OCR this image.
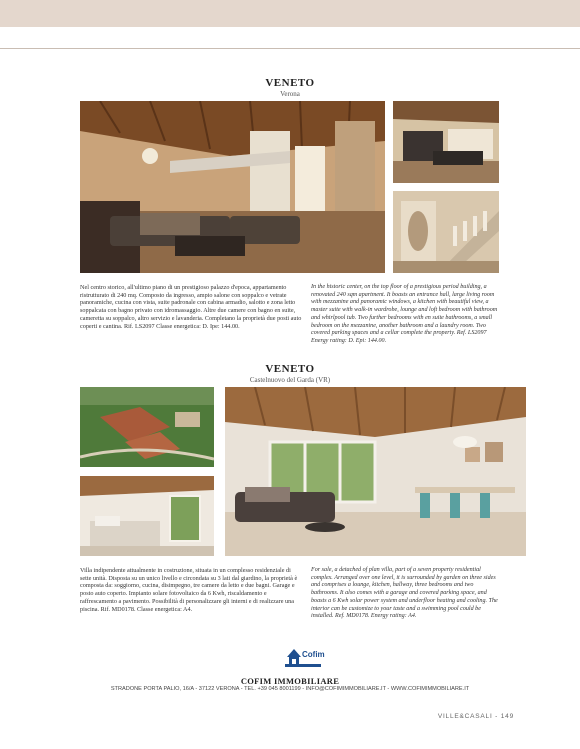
VENETO
Verona
Nel centro storico, all'ultimo piano di un prestigioso palazzo d'epoca, appartamento ristrutturato di 240 mq. Composto da ingresso, ampio salone con soppalco e vetrate panoramiche, cucina con vista, suite padronale con cabina armadio, salotto e zona letto soppalcata con bagno privato con idromassaggio. Altre due camere con bagno en suite, cameretta su soppalco, altro servizio e lavanderia. Completano la proprietà due posti auto coperti e cantina. Rif. LS2097 Classe energetica: D. Ipe: 144.00.
In the historic center, on the top floor of a prestigious period building, a renovated 240 sqm apartment. It boasts an entrance hall, large living room with mezzanine and panoramic windows, a kitchen with beautiful view, a master suite with walk-in wardrobe, lounge and loft bedroom with bathroom and whirlpool tub. Two further bedrooms with en suite bathrooms, a small bedroom on the mezzanine, another bathroom and a laundry room. Two covered parking spaces and a cellar complete the property. Ref. LS2097 Energy rating: D. Epi: 144.00.
VENETO
Castelnuovo del Garda (VR)
Villa indipendente attualmente in costruzione, situata in un complesso residenziale di sette unità. Disposta su un unico livello e circondata su 3 lati dal giardino, la proprietà è composta da: soggiorno, cucina, disimpegno, tre camere da letto e due bagni. Garage e posto auto coperto. Impianto solare fotovoltaico da 6 Kwh, riscaldamento e raffrescamento a pavimento. Possibilità di personalizzare gli interni e di realizzare una piscina. Rif. MD0178. Classe energetica: A4.
For sale, a detached of plan villa, part of a seven property residential complex. Arranged over one level, it is surrounded by garden on three sides and comprises a lounge, kitchen, hallway, three bedrooms and two bathrooms. It also comes with a garage and covered parking space, and boasts a 6 Kwh solar power system and underfloor heating and cooling. The interior can be customize to your taste and a swimming pool could be installed. Ref. MD0178. Energy rating: A4.
Cofim
COFIM IMMOBILIARE
STRADONE PORTA PALIO, 16/A - 37122 VERONA - TEL. +39 045 8001199 - INFO@COFIMIMMOBILIARE.IT - WWW.COFIMIMMOBILIARE.IT
VILLE&CASALI - 149
